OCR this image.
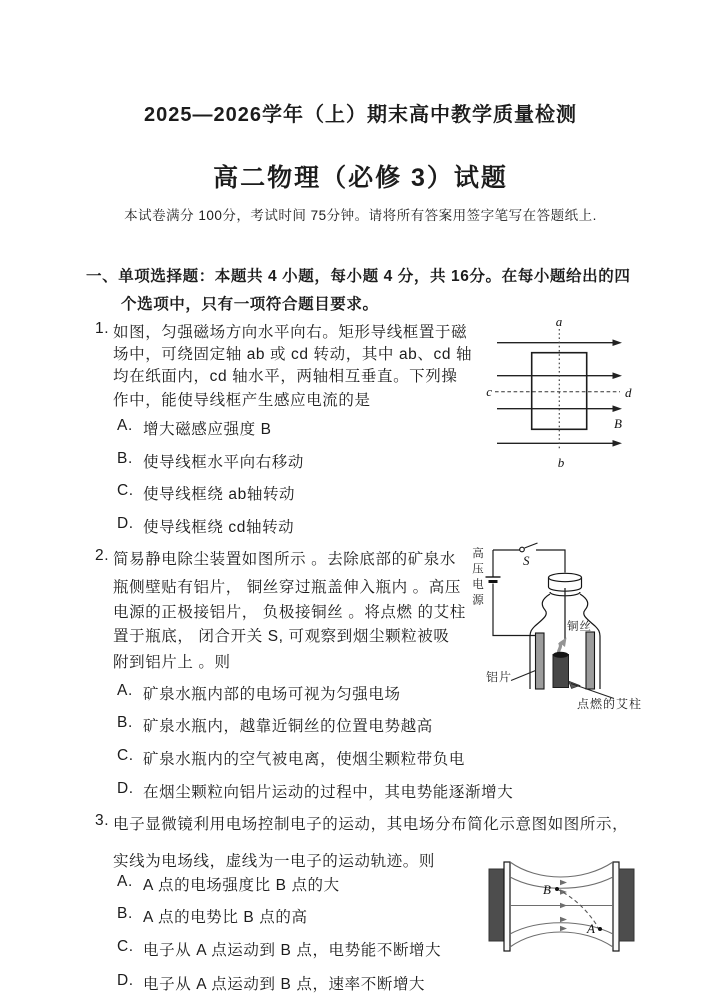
2025—2026学年（上）期末高中教学质量检测
高二物理（必修 3）试题
本试卷满分 100分，考试时间 75分钟。请将所有答案用签字笔写在答题纸上.
一、单项选择题：本题共 4 小题，每小题 4 分，共 16分。在每小题给出的四
个选项中，只有一项符合题目要求。
1. 如图，匀强磁场方向水平向右。矩形导线框置于磁
场中，可绕固定轴 ab 或 cd 转动，其中 ab、cd 轴
均在纸面内，cd 轴水平，两轴相互垂直。下列操
作中，能使导线框产生感应电流的是
A. 增大磁感应强度 B
B. 使导线框水平向右移动
C. 使导线框绕 ab轴转动
D. 使导线框绕 cd轴转动
a
b
c	d
B
2. 简易静电除尘装置如图所示 。去除底部的矿泉水
瓶侧壁贴有铝片， 铜丝穿过瓶盖伸入瓶内 。高压
电源的正极接铝片， 负极接铜丝 。将点燃 的艾柱
置于瓶底， 闭合开关 S, 可观察到烟尘颗粒被吸
附到铝片上 。则
A. 矿泉水瓶内部的电场可视为匀强电场
B. 矿泉水瓶内，越靠近铜丝的位置电势越高
C. 矿泉水瓶内的空气被电离，使烟尘颗粒带负电
D. 在烟尘颗粒向铝片运动的过程中，其电势能逐渐增大
S
高压电源
铜丝
铝片
点燃的艾柱
3. 电子显微镜利用电场控制电子的运动，其电场分布简化示意图如图所示，
实线为电场线，虚线为一电子的运动轨迹。则
A. A 点的电场强度比 B 点的大
B. A 点的电势比 B 点的高
C. 电子从 A 点运动到 B 点，电势能不断增大
D. 电子从 A 点运动到 B 点，速率不断增大
B
A
